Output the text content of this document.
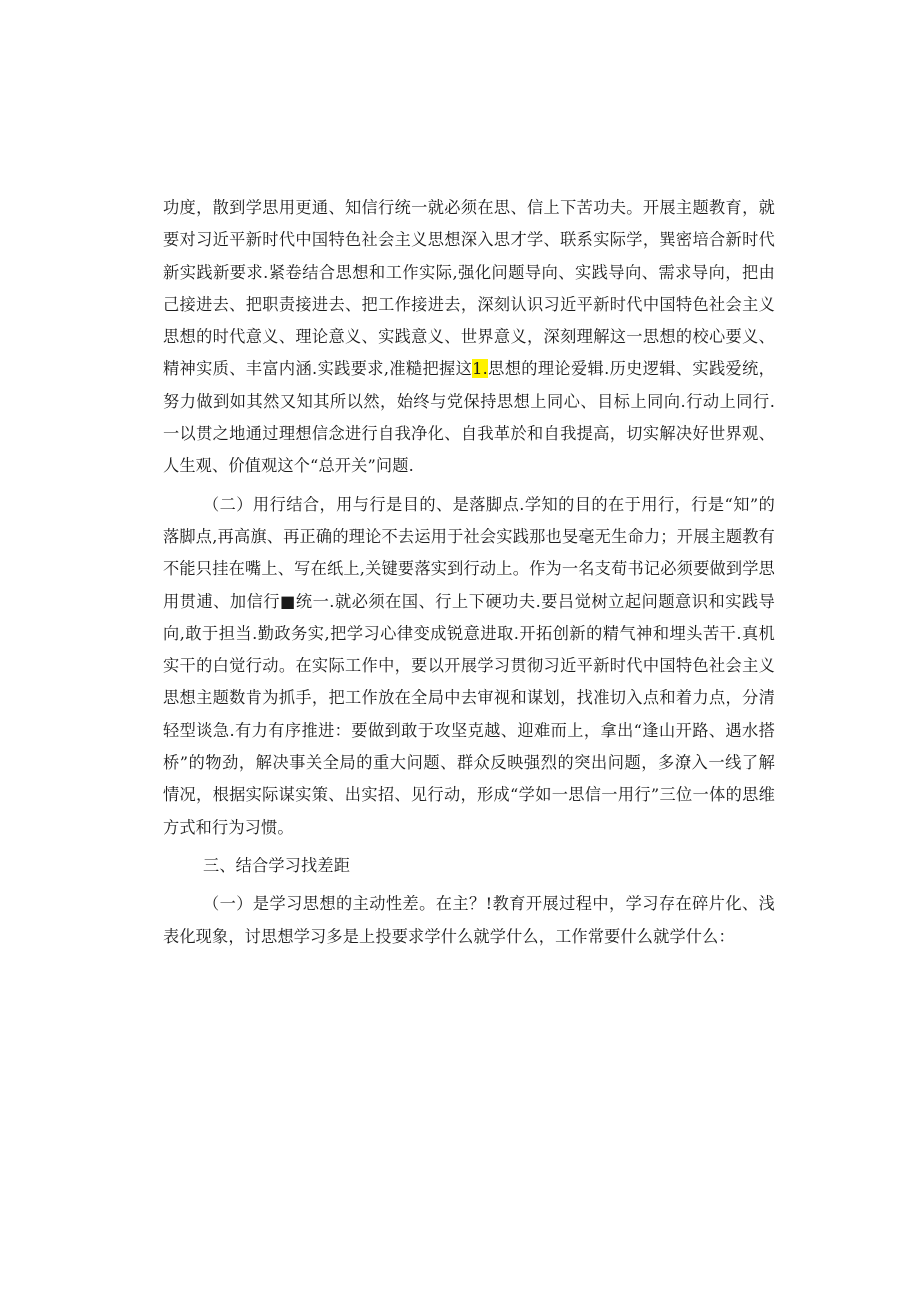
功度，散到学思用更通、知信行统一就必须在思、信上下苦功夫。开展主题教育，就要对习近平新时代中国特色社会主义思想深入思才学、联系实际学，巽密培合新时代新实践新要求.紧卷结合思想和工作实际,强化问题导向、实践导向、需求导向，把由己接进去、把职责接进去、把工作接进去，深刻认识习近平新时代中国特色社会主义思想的时代意义、理论意义、实践意义、世界意义，深刻理解这一思想的校心要义、精神实质、丰富内涵.实践要求,准糙把握这1.思想的理论爱辑.历史逻辑、实践爱统，努力做到如其然又知其所以然，始终与党保持思想上同心、目标上同向.行动上同行.一以贯之地通过理想信念进行自我净化、自我革於和自我提高，切实解决好世界观、人生观、价值观这个“总开关”问题.

（二）用行结合，用与行是目的、是落脚点.学知的目的在于用行，行是“知”的落脚点,再高旗、再正确的理论不去运用于社会实践那也旻毫无生命力；开展主题教有不能只挂在嘴上、写在纸上,关键要落实到行动上。作为一名支荀书记必须要做到学思用贯逋、加信行■统一.就必须在国、行上下硬功夫.要吕觉树立起问题意识和实践导向,敢于担当.勤政务实,把学习心律变成锐意进取.开拓创新的精气神和埋头苦干.真机实干的白觉行动。在实际工作中，要以开展学习贯彻习近平新时代中国特色社会主义思想主题数肯为抓手，把工作放在全局中去审视和谋划，找准切入点和着力点，分清轻型谈急.有力有序推进：要做到敢于攻坚克越、迎难而上，拿出“逢山开路、遇水搭桥”的物劲，解决事关全局的重大问题、群众反映强烈的突出问题，多潦入一线了解情况，根据实际谋实策、出实招、见行动，形成“学如一思信一用行”三位一体的思维方式和行为习惯。

三、结合学习找差距

（一）是学习思想的主动性差。在主？!教育开展过程中，学习存在碎片化、浅表化现象，讨思想学习多是上投要求学什么就学什么，工作常要什么就学什么：
